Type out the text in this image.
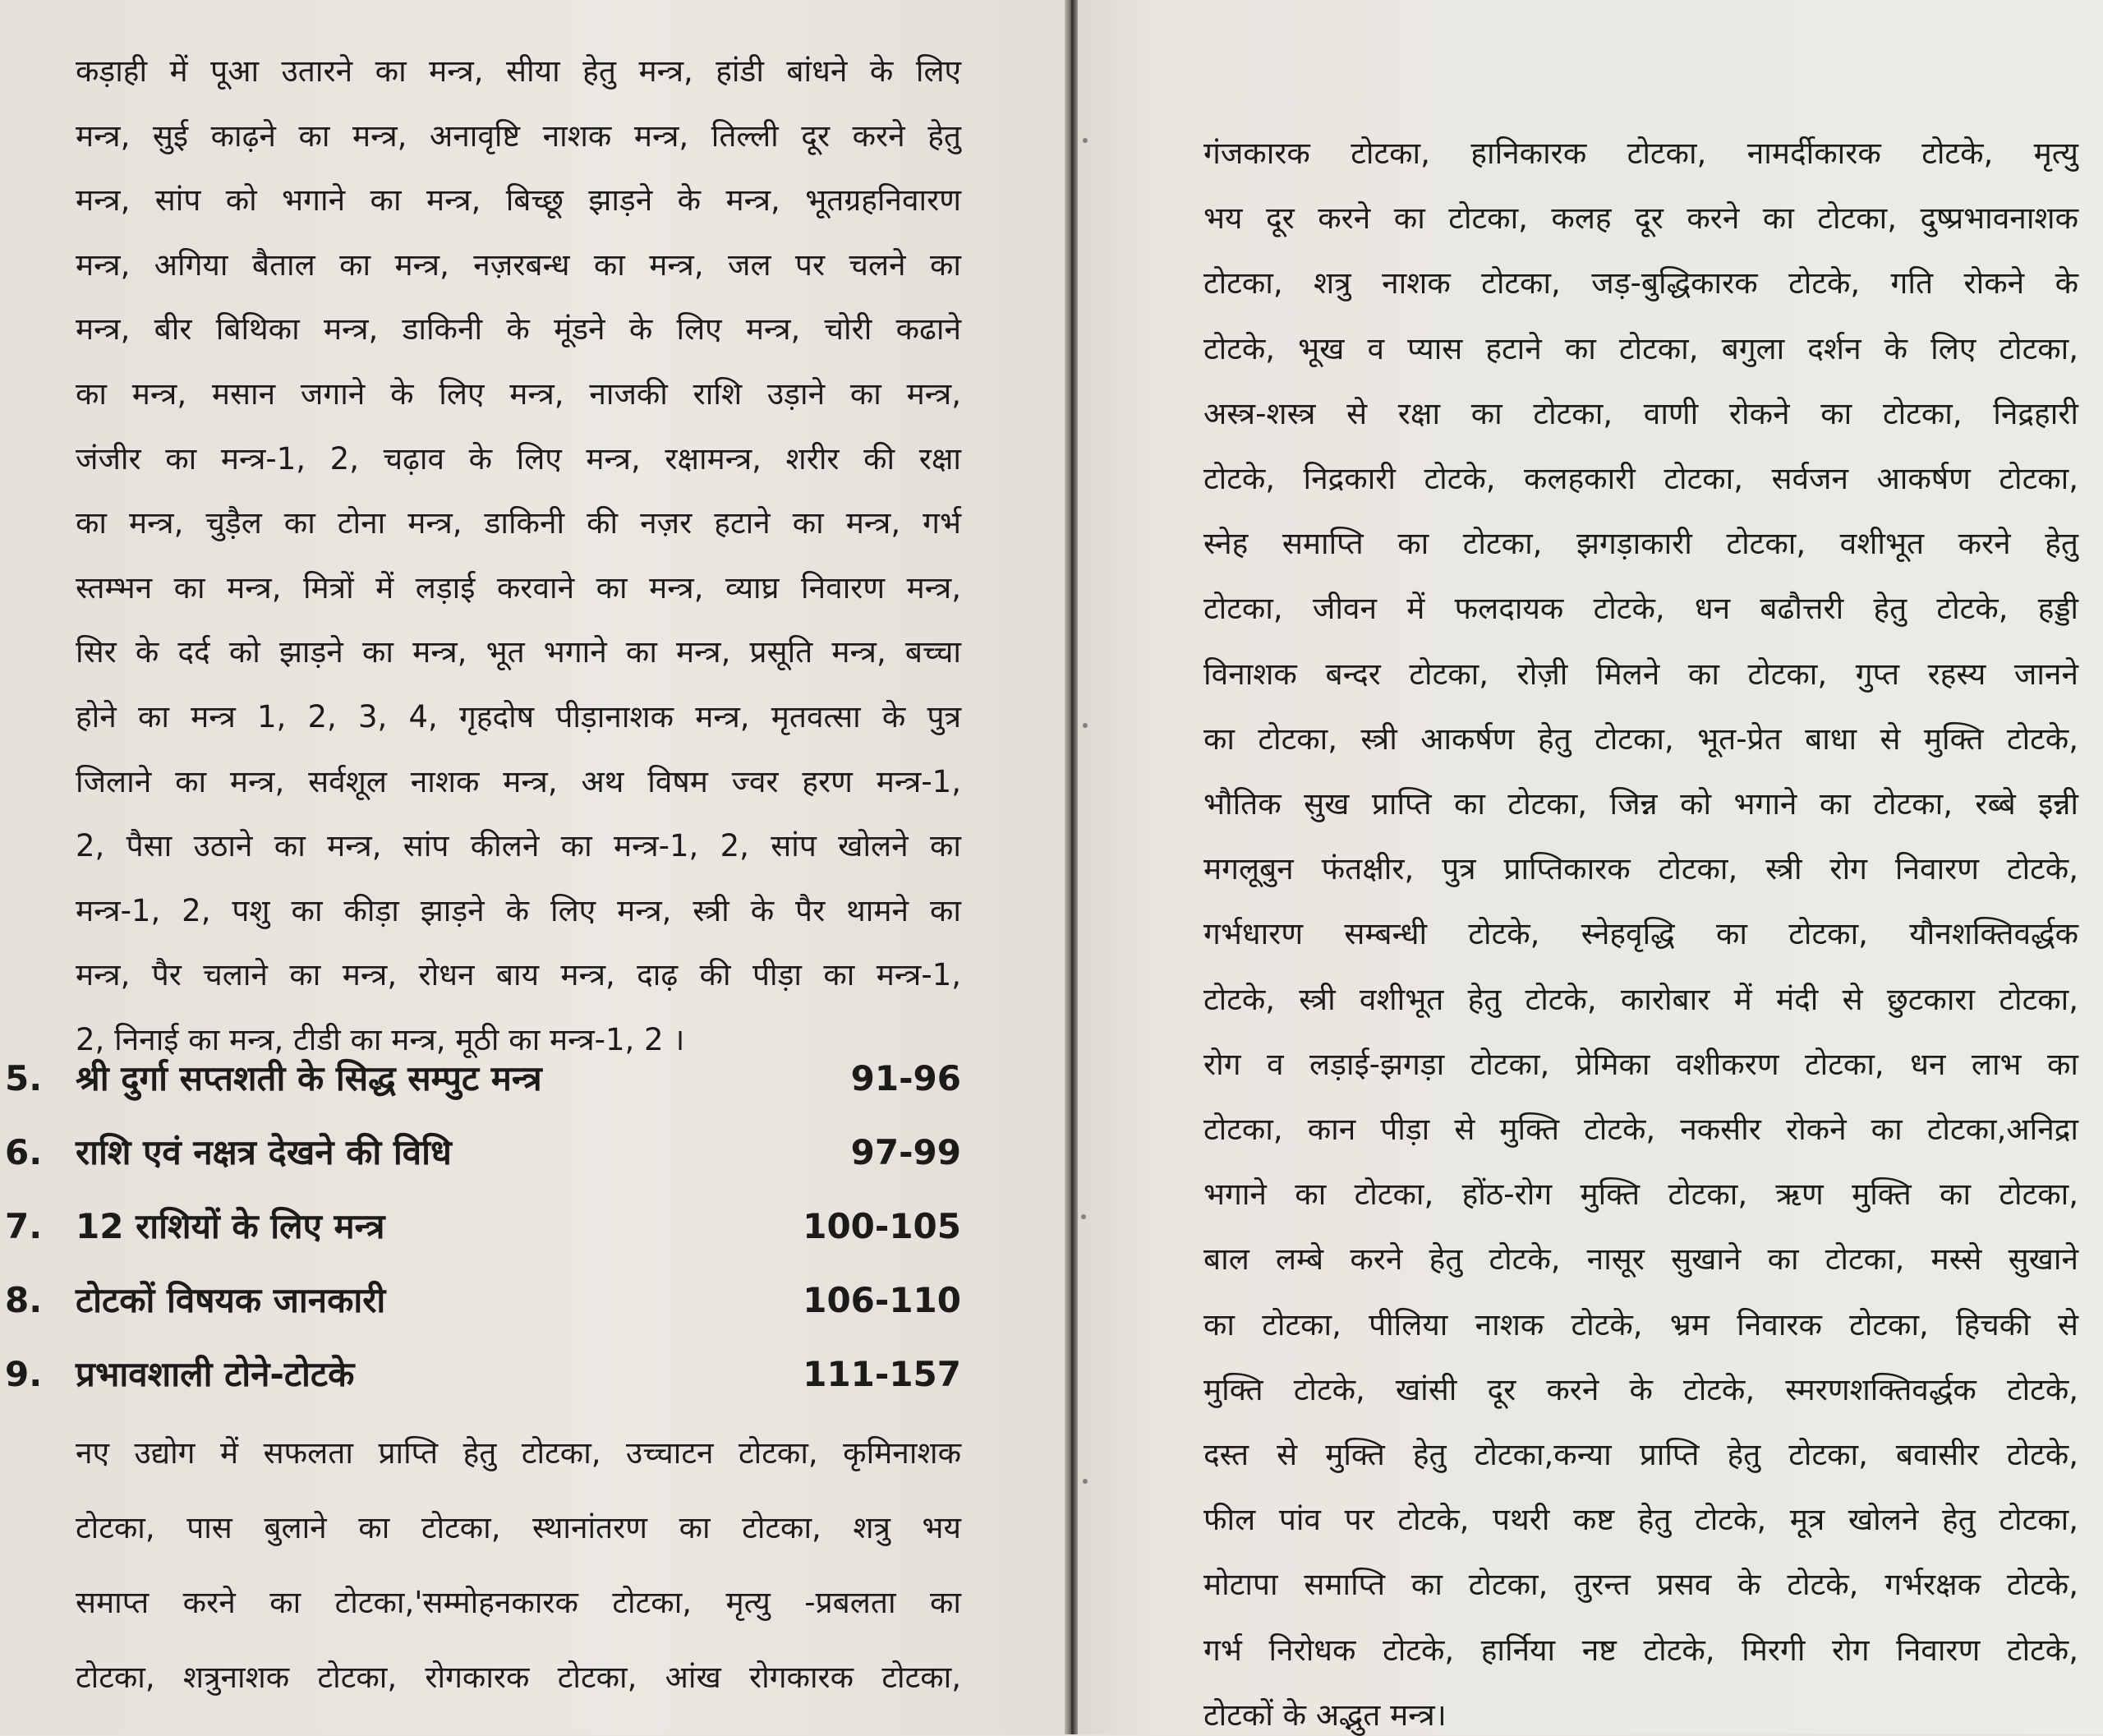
कड़ाही में पूआ उतारने का मन्त्र, सीया हेतु मन्त्र, हांडी बांधने के लिए
मन्त्र, सुई काढ़ने का मन्त्र, अनावृष्टि नाशक मन्त्र, तिल्ली दूर करने हेतु
मन्त्र, सांप को भगाने का मन्त्र, बिच्छू झाड़ने के मन्त्र, भूतग्रहनिवारण
मन्त्र, अगिया बैताल का मन्त्र, नज़रबन्ध का मन्त्र, जल पर चलने का
मन्त्र, बीर बिथिका मन्त्र, डाकिनी के मूंडने के लिए मन्त्र, चोरी कढाने
का मन्त्र, मसान जगाने के लिए मन्त्र, नाजकी राशि उड़ाने का मन्त्र,
जंजीर का मन्त्र-1, 2, चढ़ाव के लिए मन्त्र, रक्षामन्त्र, शरीर की रक्षा
का मन्त्र, चुड़ैल का टोना मन्त्र, डाकिनी की नज़र हटाने का मन्त्र, गर्भ
स्तम्भन का मन्त्र, मित्रों में लड़ाई करवाने का मन्त्र, व्याघ्र निवारण मन्त्र,
सिर के दर्द को झाड़ने का मन्त्र, भूत भगाने का मन्त्र, प्रसूति मन्त्र, बच्चा
होने का मन्त्र 1, 2, 3, 4, गृहदोष पीड़ानाशक मन्त्र, मृतवत्सा के पुत्र
जिलाने का मन्त्र, सर्वशूल नाशक मन्त्र, अथ विषम ज्वर हरण मन्त्र-1,
2, पैसा उठाने का मन्त्र, सांप कीलने का मन्त्र-1, 2, सांप खोलने का
मन्त्र-1, 2, पशु का कीड़ा झाड़ने के लिए मन्त्र, स्त्री के पैर थामने का
मन्त्र, पैर चलाने का मन्त्र, रोधन बाय मन्त्र, दाढ़ की पीड़ा का मन्त्र-1,
2, निनाई का मन्त्र, टीडी का मन्त्र, मूठी का मन्त्र-1, 2 ।
5. श्री दुर्गा सप्तशती के सिद्ध सम्पुट मन्त्र	91-96
6. राशि एवं नक्षत्र देखने की विधि	97-99
7. 12 राशियों के लिए मन्त्र	100-105
8. टोटकों विषयक जानकारी	106-110
9. प्रभावशाली टोने-टोटके	111-157
नए उद्योग में सफलता प्राप्ति हेतु टोटका, उच्चाटन टोटका, कृमिनाशक
टोटका, पास बुलाने का टोटका, स्थानांतरण का टोटका, शत्रु भय
समाप्त करने का टोटका,'सम्मोहनकारक टोटका, मृत्यु -प्रबलता का
टोटका, शत्रुनाशक टोटका, रोगकारक टोटका, आंख रोगकारक टोटका,
गंजकारक टोटका, हानिकारक टोटका, नामर्दीकारक टोटके, मृत्यु
भय दूर करने का टोटका, कलह दूर करने का टोटका, दुष्प्रभावनाशक
टोटका, शत्रु नाशक टोटका, जड़-बुद्धिकारक टोटके, गति रोकने के
टोटके, भूख व प्यास हटाने का टोटका, बगुला दर्शन के लिए टोटका,
अस्त्र-शस्त्र से रक्षा का टोटका, वाणी रोकने का टोटका, निद्रहारी
टोटके, निद्रकारी टोटके, कलहकारी टोटका, सर्वजन आकर्षण टोटका,
स्नेह समाप्ति का टोटका, झगड़ाकारी टोटका, वशीभूत करने हेतु
टोटका, जीवन में फलदायक टोटके, धन बढौत्तरी हेतु टोटके, हड्डी
विनाशक बन्दर टोटका, रोज़ी मिलने का टोटका, गुप्त रहस्य जानने
का टोटका, स्त्री आकर्षण हेतु टोटका, भूत-प्रेत बाधा से मुक्ति टोटके,
भौतिक सुख प्राप्ति का टोटका, जिन्न को भगाने का टोटका, रब्बे इन्नी
मगलूबुन फंतक्षीर, पुत्र प्राप्तिकारक टोटका, स्त्री रोग निवारण टोटके,
गर्भधारण सम्बन्धी टोटके, स्नेहवृद्धि का टोटका, यौनशक्तिवर्द्धक
टोटके, स्त्री वशीभूत हेतु टोटके, कारोबार में मंदी से छुटकारा टोटका,
रोग व लड़ाई-झगड़ा टोटका, प्रेमिका वशीकरण टोटका, धन लाभ का
टोटका, कान पीड़ा से मुक्ति टोटके, नकसीर रोकने का टोटका,अनिद्रा
भगाने का टोटका, होंठ-रोग मुक्ति टोटका, ऋण मुक्ति का टोटका,
बाल लम्बे करने हेतु टोटके, नासूर सुखाने का टोटका, मस्से सुखाने
का टोटका, पीलिया नाशक टोटके, भ्रम निवारक टोटका, हिचकी से
मुक्ति टोटके, खांसी दूर करने के टोटके, स्मरणशक्तिवर्द्धक टोटके,
दस्त से मुक्ति हेतु टोटका,कन्या प्राप्ति हेतु टोटका, बवासीर टोटके,
फील पांव पर टोटके, पथरी कष्ट हेतु टोटके, मूत्र खोलने हेतु टोटका,
मोटापा समाप्ति का टोटका, तुरन्त प्रसव के टोटके, गर्भरक्षक टोटके,
गर्भ निरोधक टोटके, हार्निया नष्ट टोटके, मिरगी रोग निवारण टोटके,
टोटकों के अद्भुत मन्त्र।
